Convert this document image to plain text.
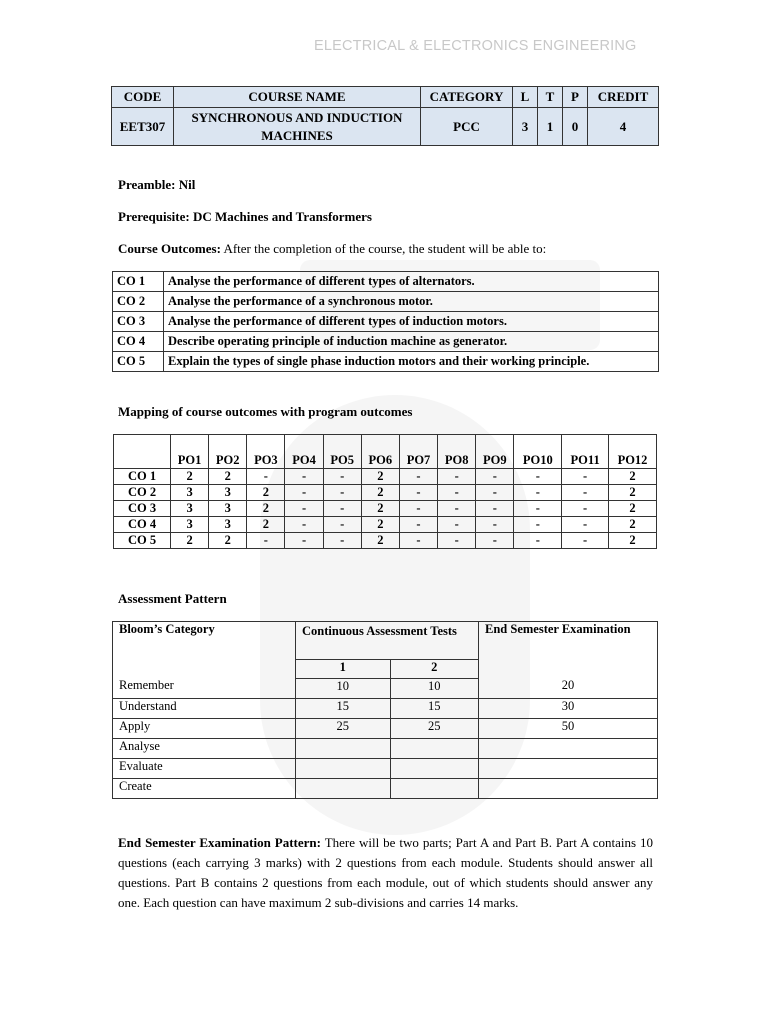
ELECTRICAL & ELECTRONICS ENGINEERING
CODE	COURSE NAME	CATEGORY	L	T	P	CREDIT
EET307	SYNCHRONOUS AND INDUCTION MACHINES	PCC	3	1	0	4
Preamble: Nil
Prerequisite: DC Machines and Transformers
Course Outcomes: After the completion of the course, the student will be able to:
CO 1	Analyse the performance of different types of alternators.
CO 2	Analyse the performance of a synchronous motor.
CO 3	Analyse the performance of different types of induction motors.
CO 4	Describe operating principle of induction machine as generator.
CO 5	Explain the types of single phase induction motors and their working principle.
Mapping of course outcomes with program outcomes

	PO1	PO2	PO3	PO4	PO5	PO6	PO7	PO8	PO9	PO10	PO11	PO12
CO 1	2	2	-	-	-	2	-	-	-	-	-	2
CO 2	3	3	2	-	-	2	-	-	-	-	-	2
CO 3	3	3	2	-	-	2	-	-	-	-	-	2
CO 4	3	3	2	-	-	2	-	-	-	-	-	2
CO 5	2	2	-	-	-	2	-	-	-	-	-	2
Assessment Pattern
Bloom’s Category	Continuous Assessment Tests		End Semester Examination
	1	2	
Remember	10	10	20
Understand	15	15	30
Apply	25	25	50
Analyse			
Evaluate			
Create			
End Semester Examination Pattern: There will be two parts; Part A and Part B. Part A contains 10 questions (each carrying 3 marks) with 2 questions from each module. Students should answer all questions. Part B contains 2 questions from each module, out of which students should answer any one. Each question can have maximum 2 sub-divisions and carries 14 marks.
